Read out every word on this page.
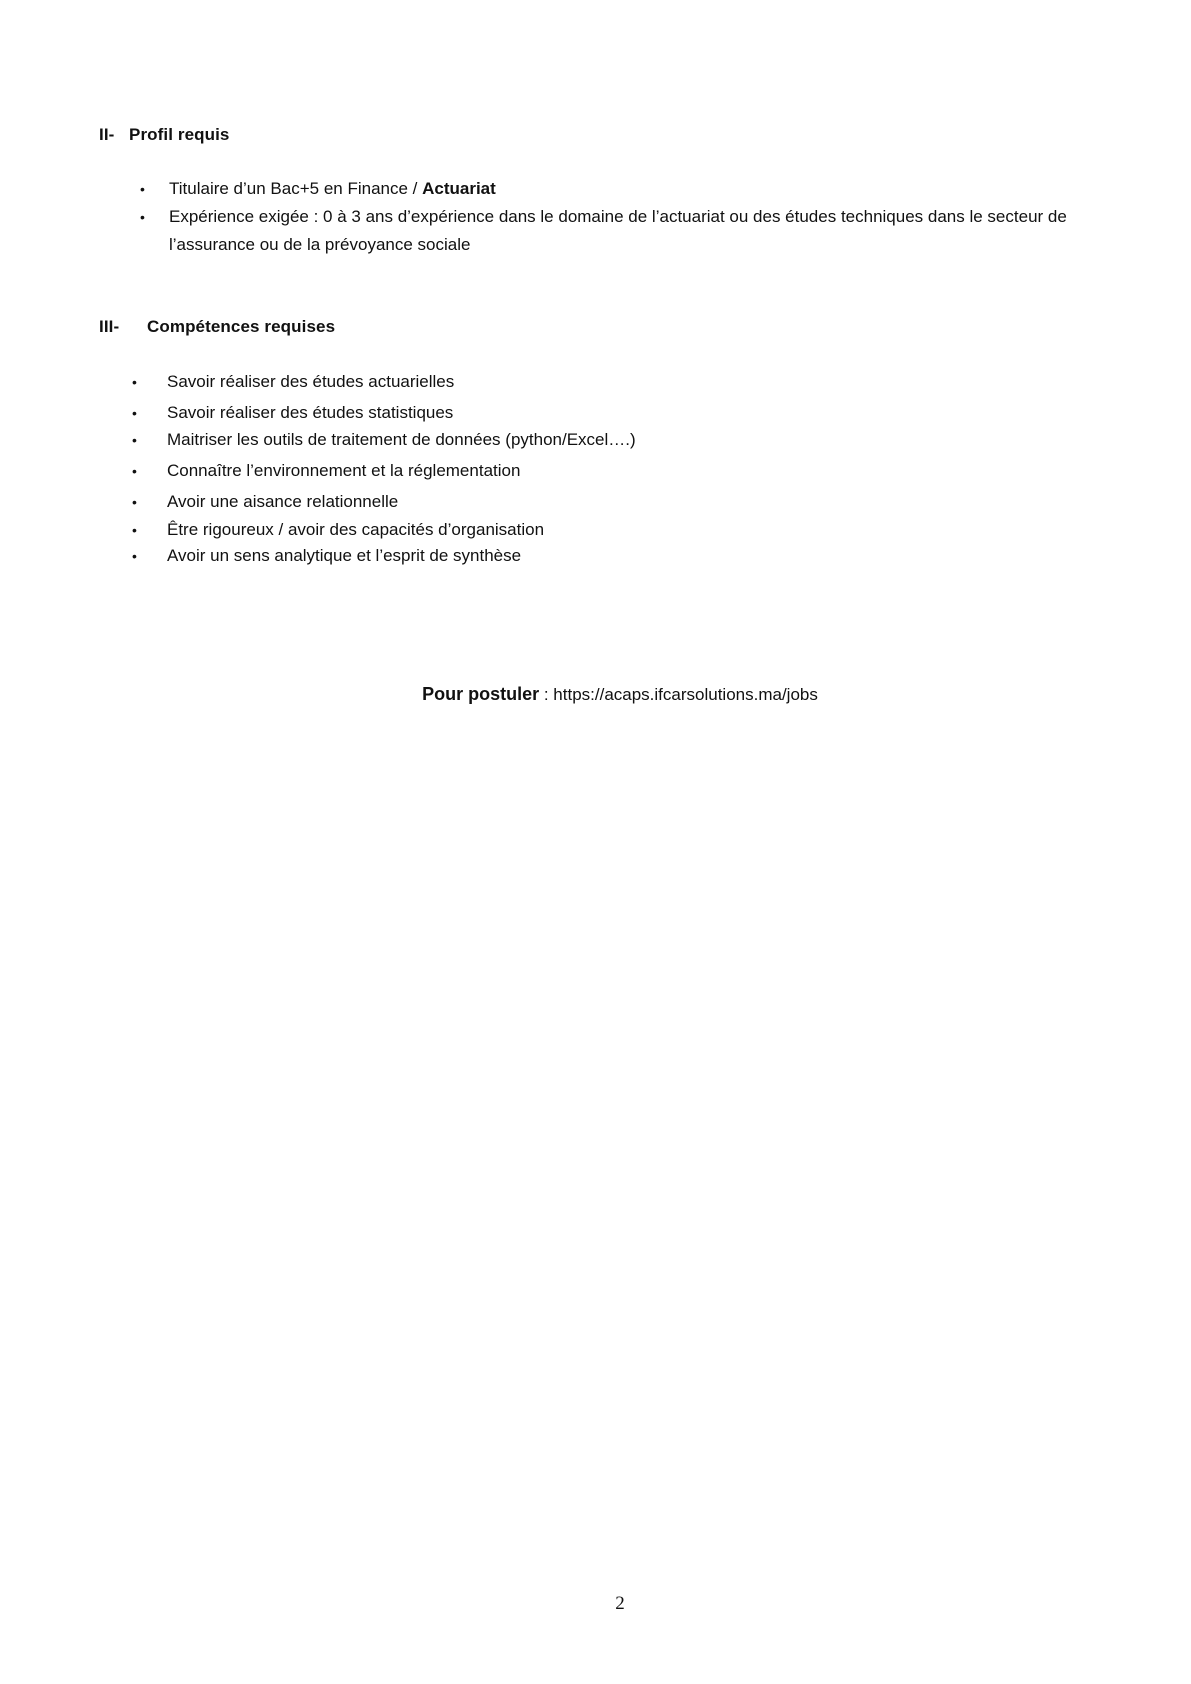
II- Profil requis
• Titulaire d’un Bac+5 en Finance / Actuariat
• Expérience exigée : 0 à 3 ans d’expérience dans le domaine de l’actuariat ou des études techniques dans le secteur de l’assurance ou de la prévoyance sociale
III- Compétences requises
• Savoir réaliser des études actuarielles
• Savoir réaliser des études statistiques
• Maitriser les outils de traitement de données (python/Excel….)
• Connaître l’environnement et la réglementation
• Avoir une aisance relationnelle
• Être rigoureux / avoir des capacités d’organisation
• Avoir un sens analytique et l’esprit de synthèse
Pour postuler : https://acaps.ifcarsolutions.ma/jobs
2
